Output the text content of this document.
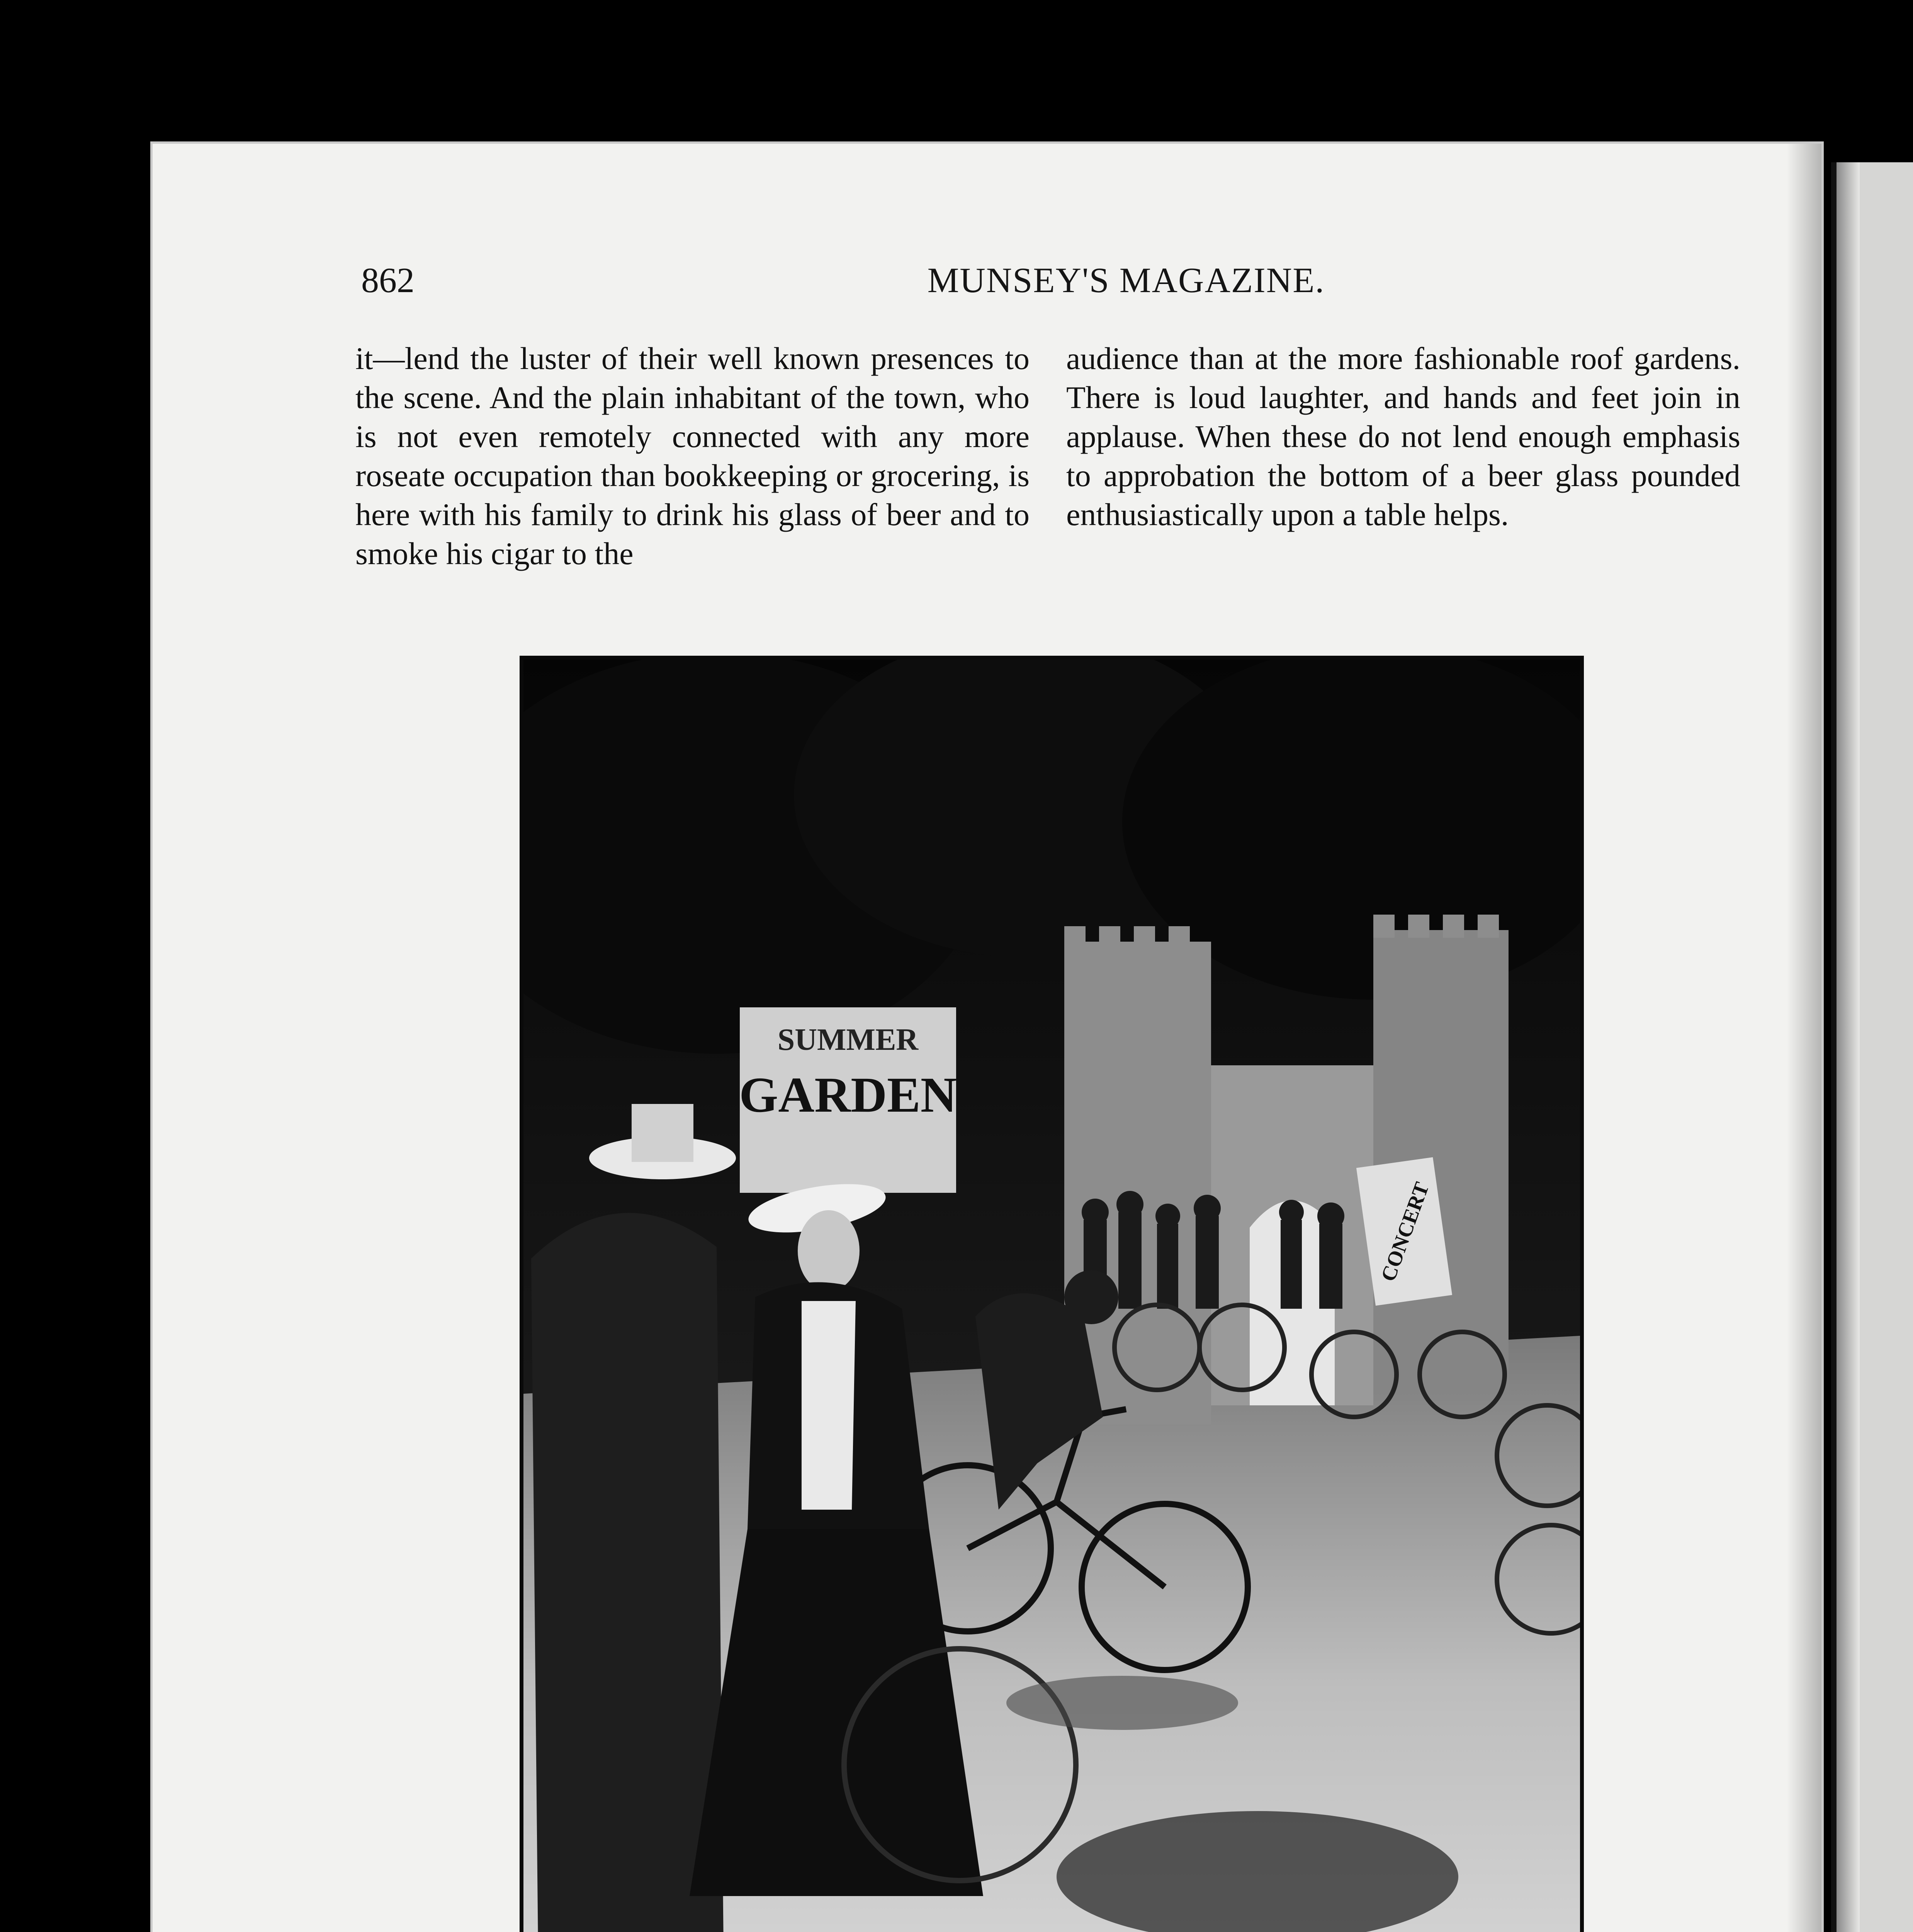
862	MUNSEY'S MAGAZINE.

it—lend the luster of their well known presences to the scene. And the plain inhabitant of the town, who is not even remotely connected with any more roseate occupation than bookkeeping or grocering, is here with his family to drink his glass of beer and to smoke his cigar to the

audience than at the more fashionable roof gardens. There is loud laughter, and hands and feet join in applause. When these do not lend enough emphasis to approbation the bottom of a beer glass pounded enthusiastically upon a table helps.

SUMMER
GARDEN
CONCERT
